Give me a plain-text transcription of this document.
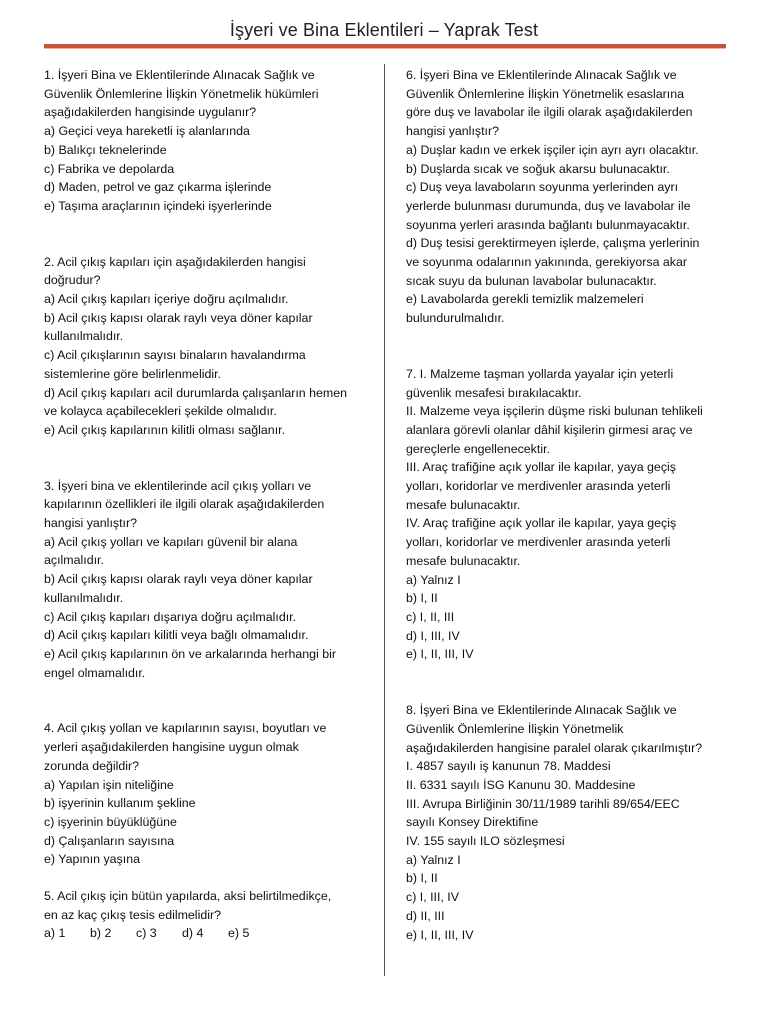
İşyeri ve Bina Eklentileri – Yaprak Test

1. İşyeri Bina ve Eklentilerinde Alınacak Sağlık ve

Güvenlik Önlemlerine İlişkin Yönetmelik hükümleri

aşağıdakilerden hangisinde uygulanır?

a) Geçici veya hareketli iş alanlarında

b) Balıkçı teknelerinde

c) Fabrika ve depolarda

d) Maden, petrol ve gaz çıkarma işlerinde

e) Taşıma araçlarının içindeki işyerlerinde

2. Acil çıkış kapıları için aşağıdakilerden hangisi

doğrudur?

a) Acil çıkış kapıları içeriye doğru açılmalıdır.

b) Acil çıkış kapısı olarak raylı veya döner kapılar

kullanılmalıdır.

c) Acil çıkışlarının sayısı binaların havalandırma

sistemlerine göre belirlenmelidir.

d) Acil çıkış kapıları acil durumlarda çalışanların hemen

ve kolayca açabilecekleri şekilde olmalıdır.

e) Acil çıkış kapılarının kilitli olması sağlanır.

3. İşyeri bina ve eklentilerinde acil çıkış yolları ve

kapılarının özellikleri ile ilgili olarak aşağıdakilerden

hangisi yanlıştır?

a) Acil çıkış yolları ve kapıları güvenil bir alana

açılmalıdır.

b) Acil çıkış kapısı olarak raylı veya döner kapılar

kullanılmalıdır.

c) Acil çıkış kapıları dışarıya doğru açılmalıdır.

d) Acil çıkış kapıları kilitli veya bağlı olmamalıdır.

e) Acil çıkış kapılarının ön ve arkalarında herhangi bir

engel olmamalıdır.

4. Acil çıkış yollan ve kapılarının sayısı, boyutları ve

yerleri aşağıdakilerden hangisine uygun olmak

zorunda değildir?

a) Yapılan işin niteliğine

b) işyerinin kullanım şekline

c) işyerinin büyüklüğüne

d) Çalışanların sayısına

e) Yapının yaşına

5. Acil çıkış için bütün yapılarda, aksi belirtilmedikçe,

en az kaç çıkış tesis edilmelidir?

a) 1	b) 2	c) 3	d) 4	e) 5

6. İşyeri Bina ve Eklentilerinde Alınacak Sağlık ve

Güvenlik Önlemlerine İlişkin Yönetmelik esaslarına

göre duş ve lavabolar ile ilgili olarak aşağıdakilerden

hangisi yanlıştır?

a) Duşlar kadın ve erkek işçiler için ayrı ayrı olacaktır.

b) Duşlarda sıcak ve soğuk akarsu bulunacaktır.

c) Duş veya lavaboların soyunma yerlerinden ayrı

yerlerde bulunması durumunda, duş ve lavabolar ile

soyunma yerleri arasında bağlantı bulunmayacaktır.

d) Duş tesisi gerektirmeyen işlerde, çalışma yerlerinin

ve soyunma odalarının yakınında, gerekiyorsa akar

sıcak suyu da bulunan lavabolar bulunacaktır.

e) Lavabolarda gerekli temizlik malzemeleri

bulundurulmalıdır.

7. I. Malzeme taşman yollarda yayalar için yeterli

güvenlik mesafesi bırakılacaktır.

II. Malzeme veya işçilerin düşme riski bulunan tehlikeli

alanlara görevli olanlar dâhil kişilerin girmesi araç ve

gereçlerle engellenecektir.

III. Araç trafiğine açık yollar ile kapılar, yaya geçiş

yolları, koridorlar ve merdivenler arasında yeterli

mesafe bulunacaktır.

IV. Araç trafiğine açık yollar ile kapılar, yaya geçiş

yolları, koridorlar ve merdivenler arasında yeterli

mesafe bulunacaktır.

a) Yalnız I

b) I, II

c) I, II, III

d) I, III, IV

e) I, II, III, IV

8. İşyeri Bina ve Eklentilerinde Alınacak Sağlık ve

Güvenlik Önlemlerine İlişkin Yönetmelik

aşağıdakilerden hangisine paralel olarak çıkarılmıştır?

I. 4857 sayılı iş kanunun 78. Maddesi

II. 6331 sayılı İSG Kanunu 30. Maddesine

III. Avrupa Birliğinin 30/11/1989 tarihli 89/654/EEC

sayılı Konsey Direktifine

IV. 155 sayılı ILO sözleşmesi

a) Yalnız I

b) I, II

c) I, III, IV

d) II, III

e) I, II, III, IV
